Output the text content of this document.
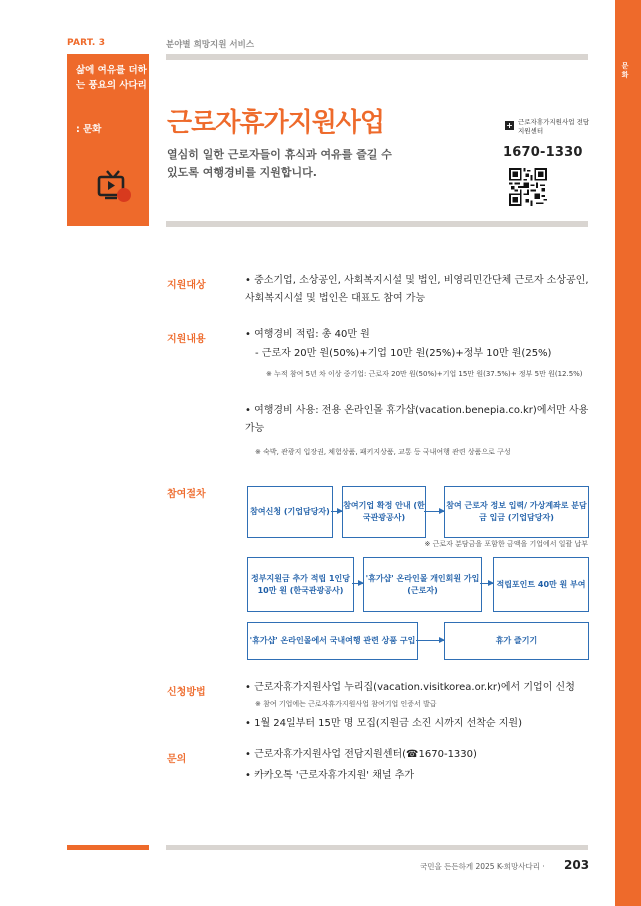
문화
PART. 3	분야별 희망지원 서비스
삶에 여유를 더하는 풍요의 사다리
: 문화	근로자휴가지원사업
열심히 일한 근로자들이 휴식과 여유를 즐길 수 있도록 여행경비를 지원합니다.
+ 근로자휴가지원사업 전담지원센터
1670-1330
지원대상	• 중소기업, 소상공인, 사회복지시설 및 법인, 비영리민간단체 근로자 소상공인, 사회복지시설 및 법인은 대표도 참여 가능
지원내용	• 여행경비 적립: 총 40만 원
- 근로자 20만 원(50%)+기업 10만 원(25%)+정부 10만 원(25%)
※ 누적 참여 5년 차 이상 중기업: 근로자 20만 원(50%)+기업 15만 원(37.5%)+ 정부 5만 원(12.5%)
• 여행경비 사용: 전용 온라인몰 휴가샵(vacation.benepia.co.kr)에서만 사용 가능
※ 숙박, 관광지 입장권, 체험상품, 패키지상품, 교통 등 국내여행 관련 상품으로 구성
참여절차
참여신청 (기업담당자)
참여기업 확정 안내 (한국관광공사)
참여 근로자 정보 입력/ 가상계좌로 분담금 입금 (기업담당자)
※ 근로자 분담금을 포함한 금액을 기업에서 일괄 납부
정부지원금 추가 적립 1인당 10만 원 (한국관광공사)
'휴가샵' 온라인몰 개인회원 가입 (근로자)
적립포인트 40만 원 부여
'휴가샵' 온라인몰에서 국내여행 관련 상품 구입	휴가 즐기기
신청방법	• 근로자휴가지원사업 누리집(vacation.visitkorea.or.kr)에서 기업이 신청
※ 참여 기업에는 근로자휴가지원사업 참여기업 인증서 발급
• 1월 24일부터 15만 명 모집(지원금 소진 시까지 선착순 지원)
문의	• 근로자휴가지원사업 전담지원센터(☎1670-1330)
• 카카오톡 '근로자휴가지원' 채널 추가
국민을 든든하게 2025 K-희망사다리 · 203
